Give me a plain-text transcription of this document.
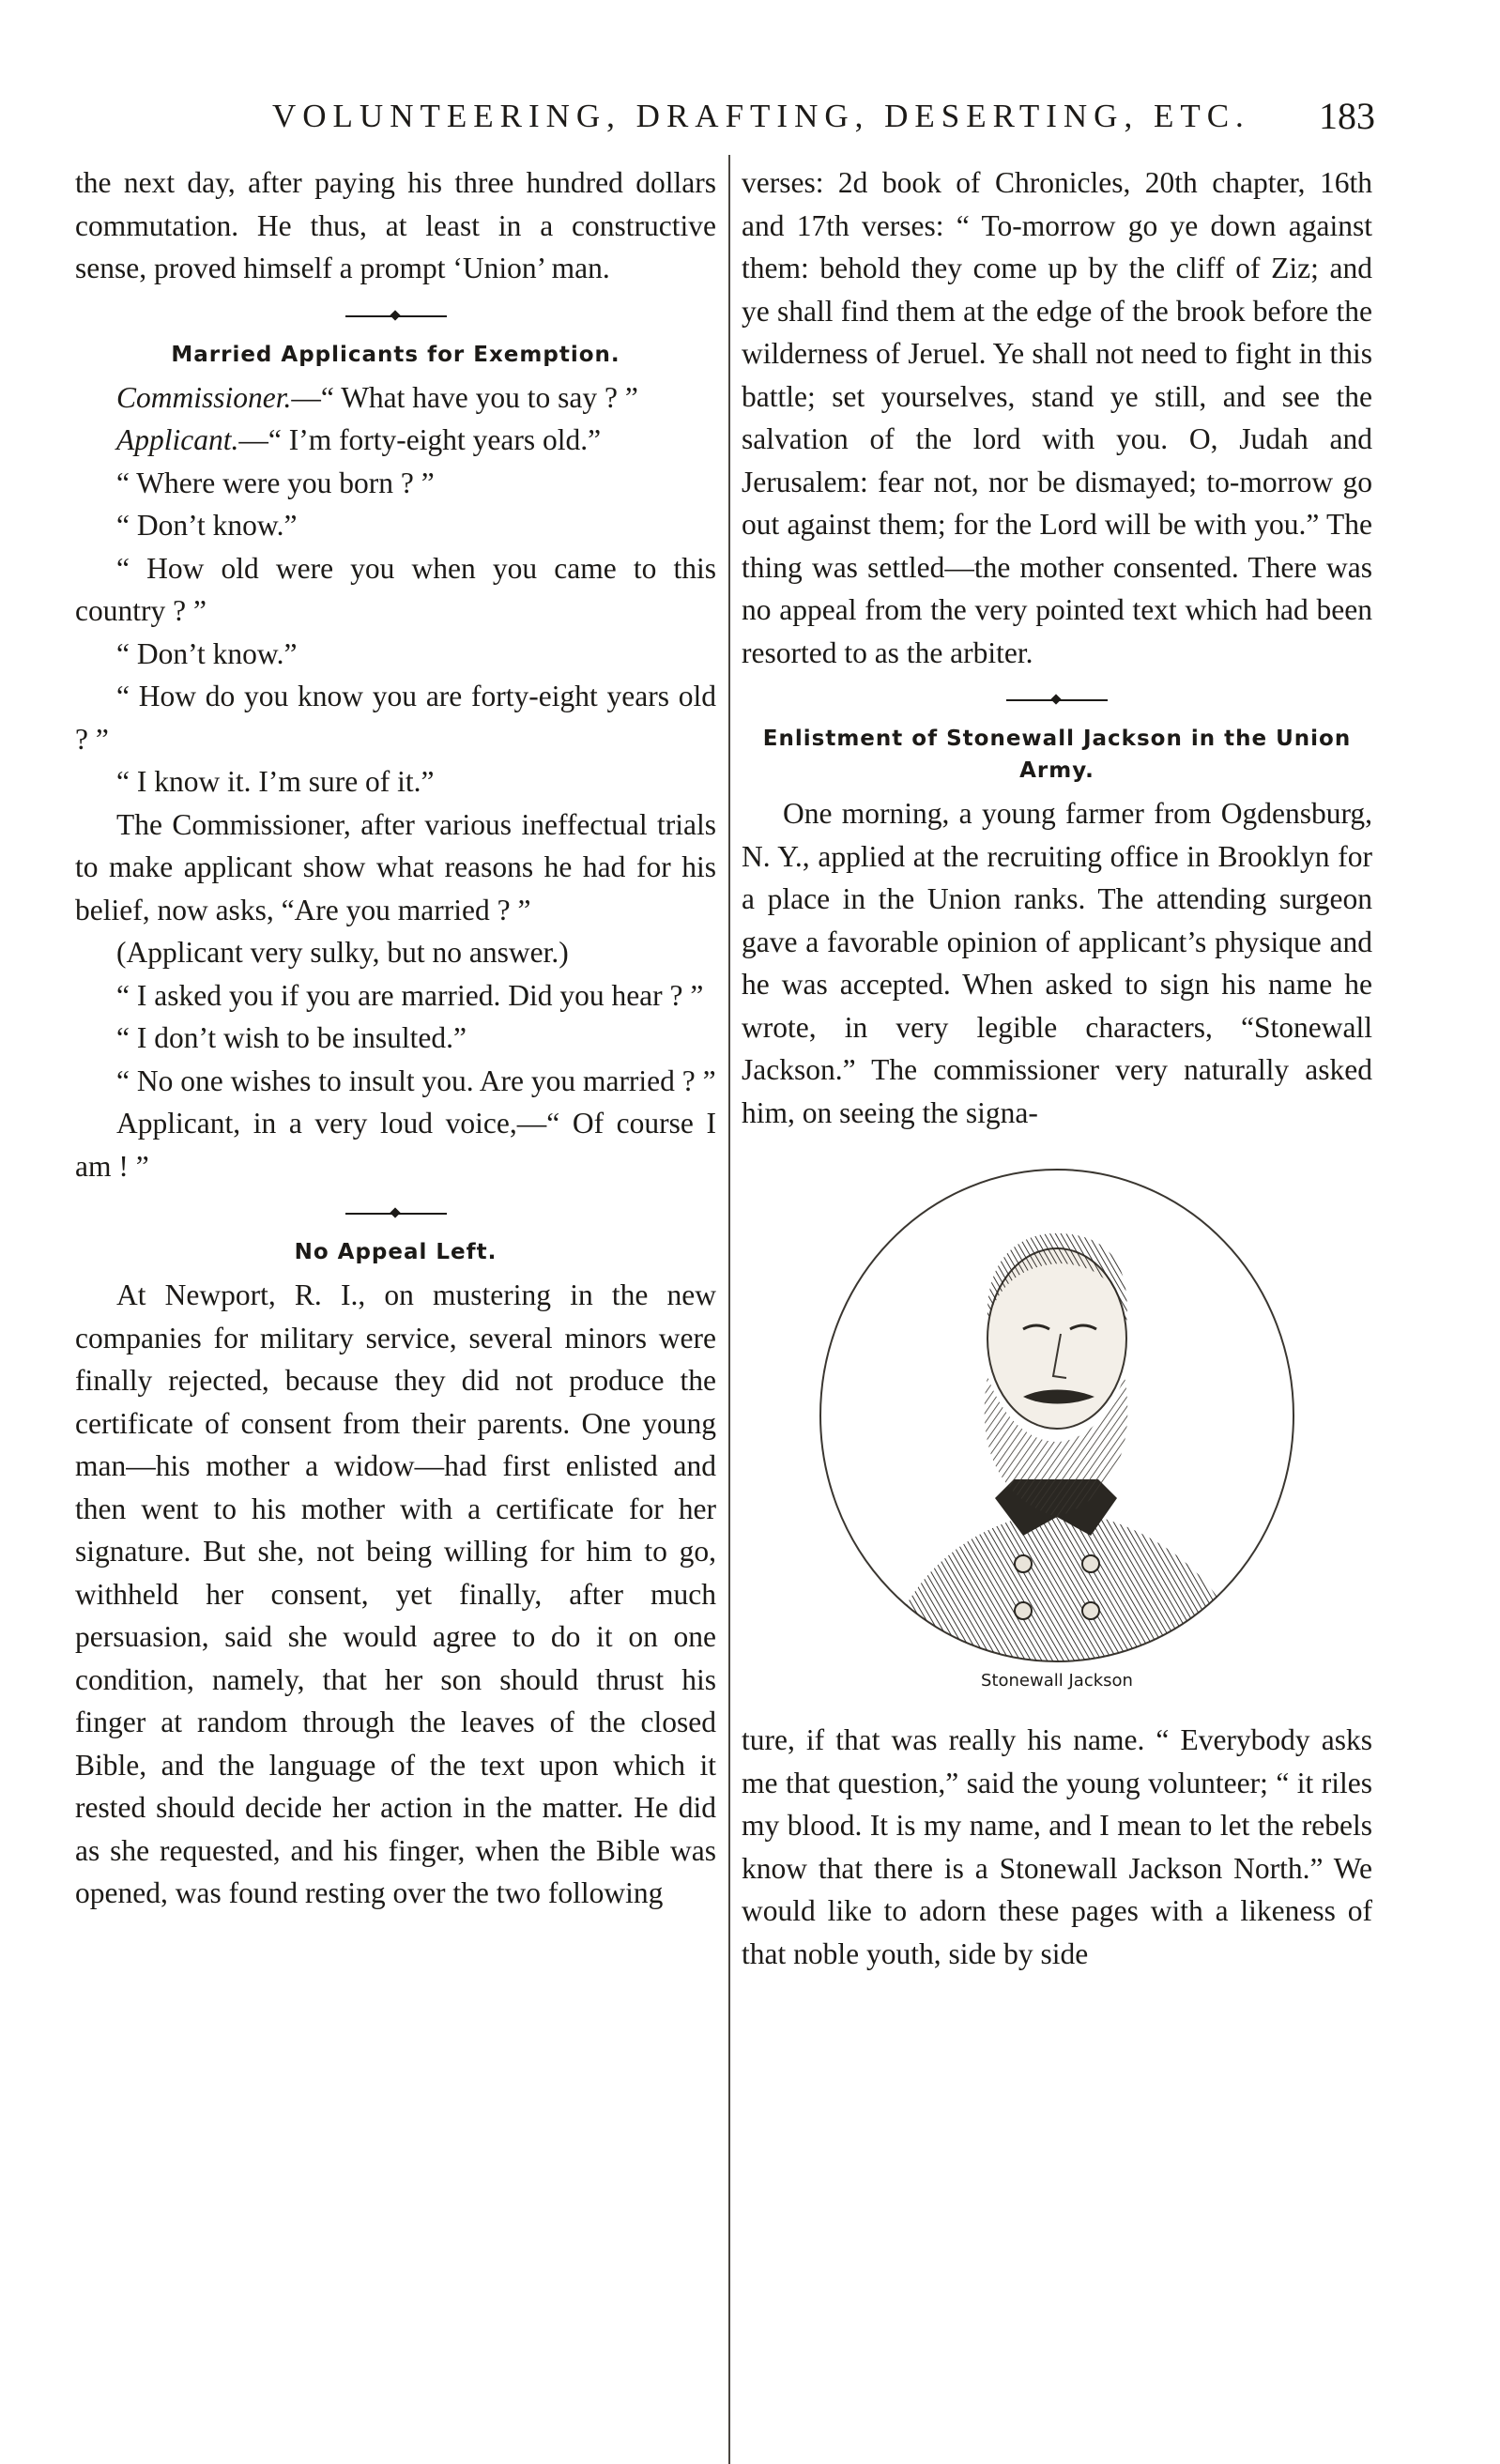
VOLUNTEERING, DRAFTING, DESERTING, ETC. 183

the next day, after paying his three hundred dollars commutation. He thus, at least in a constructive sense, proved himself a prompt ‘Union’ man.

Married Applicants for Exemption.

Commissioner.—“ What have you to say ? ”

Applicant.—“ I’m forty-eight years old.”

“ Where were you born ? ”

“ Don’t know.”

“ How old were you when you came to this country ? ”

“ Don’t know.”

“ How do you know you are forty-eight years old ? ”

“ I know it. I’m sure of it.”

The Commissioner, after various ineffectual trials to make applicant show what reasons he had for his belief, now asks, “Are you married ? ”

(Applicant very sulky, but no answer.)

“ I asked you if you are married. Did you hear ? ”

“ I don’t wish to be insulted.”

“ No one wishes to insult you. Are you married ? ”

Applicant, in a very loud voice,—“ Of course I am ! ”

No Appeal Left.

At Newport, R. I., on mustering in the new companies for military service, several minors were finally rejected, because they did not produce the certificate of consent from their parents. One young man—his mother a widow—had first enlisted and then went to his mother with a certificate for her signature. But she, not being willing for him to go, withheld her consent, yet finally, after much persuasion, said she would agree to do it on one condition, namely, that her son should thrust his finger at random through the leaves of the closed Bible, and the language of the text upon which it rested should decide her action in the matter. He did as she requested, and his finger, when the Bible was opened, was found resting over the two following

verses: 2d book of Chronicles, 20th chapter, 16th and 17th verses: “ To-morrow go ye down against them: behold they come up by the cliff of Ziz; and ye shall find them at the edge of the brook before the wilderness of Jeruel. Ye shall not need to fight in this battle; set yourselves, stand ye still, and see the salvation of the lord with you. O, Judah and Jerusalem: fear not, nor be dismayed; to-morrow go out against them; for the Lord will be with you.” The thing was settled—the mother consented. There was no appeal from the very pointed text which had been resorted to as the arbiter.

Enlistment of Stonewall Jackson in the Union Army.

One morning, a young farmer from Ogdensburg, N. Y., applied at the recruiting office in Brooklyn for a place in the Union ranks. The attending surgeon gave a favorable opinion of applicant’s physique and he was accepted. When asked to sign his name he wrote, in very legible characters, “Stonewall Jackson.” The commissioner very naturally asked him, on seeing the signa-

Stonewall Jackson

ture, if that was really his name. “ Everybody asks me that question,” said the young volunteer; “ it riles my blood. It is my name, and I mean to let the rebels know that there is a Stonewall Jackson North.” We would like to adorn these pages with a likeness of that noble youth, side by side
